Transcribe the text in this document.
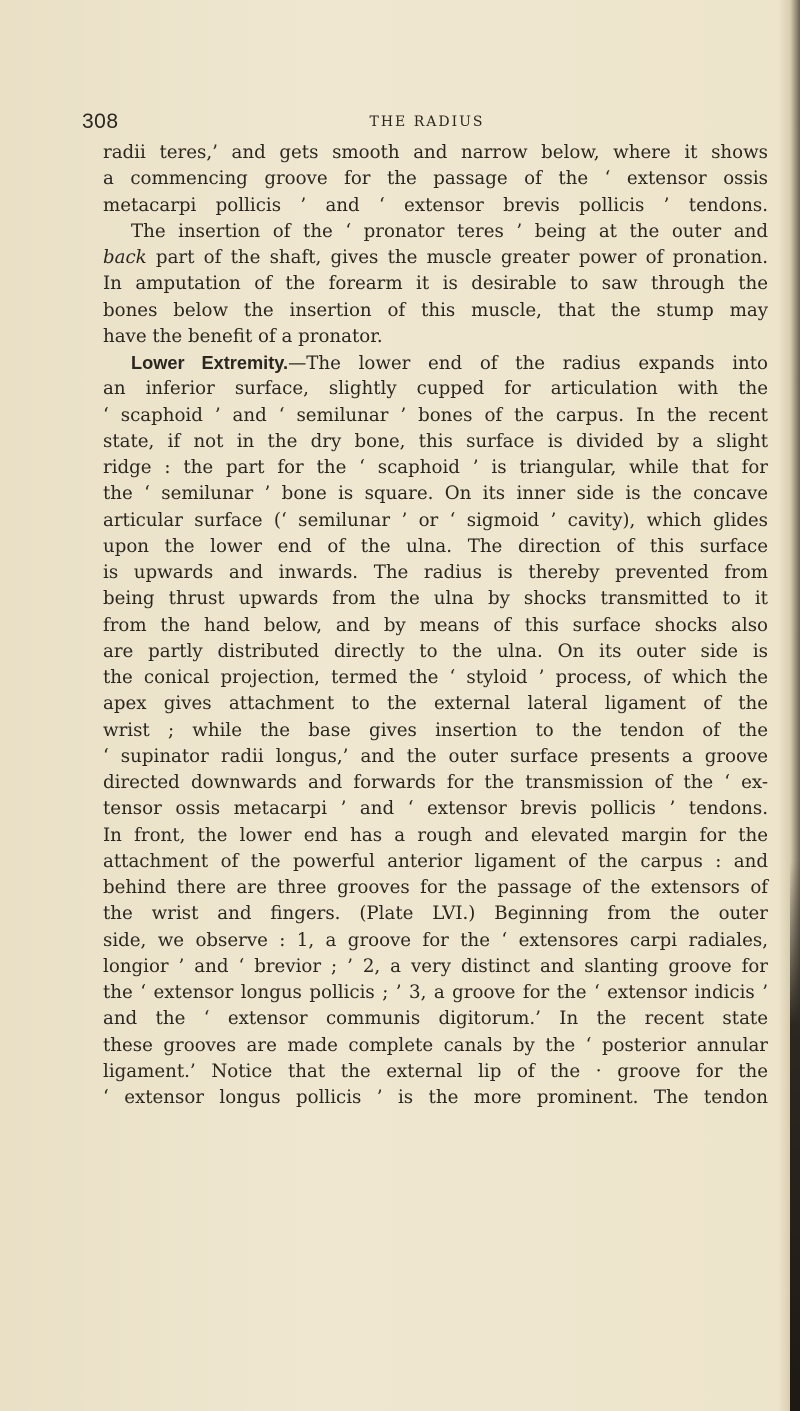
308	THE RADIUS
radii teres,’ and gets smooth and narrow below, where it shows
a commencing groove for the passage of the ‘ extensor ossis
metacarpi pollicis ’ and ‘ extensor brevis pollicis ’ tendons.
The insertion of the ‘ pronator teres ’ being at the outer and
back part of the shaft, gives the muscle greater power of pronation.
In amputation of the forearm it is desirable to saw through the
bones below the insertion of this muscle, that the stump may
have the benefit of a pronator.
Lower Extremity.—The lower end of the radius expands into
an inferior surface, slightly cupped for articulation with the
‘ scaphoid ’ and ‘ semilunar ’ bones of the carpus. In the recent
state, if not in the dry bone, this surface is divided by a slight
ridge : the part for the ‘ scaphoid ’ is triangular, while that for
the ‘ semilunar ’ bone is square. On its inner side is the concave
articular surface (‘ semilunar ’ or ‘ sigmoid ’ cavity), which glides
upon the lower end of the ulna. The direction of this surface
is upwards and inwards. The radius is thereby prevented from
being thrust upwards from the ulna by shocks transmitted to it
from the hand below, and by means of this surface shocks also
are partly distributed directly to the ulna. On its outer side is
the conical projection, termed the ‘ styloid ’ process, of which the
apex gives attachment to the external lateral ligament of the
wrist ; while the base gives insertion to the tendon of the
‘ supinator radii longus,’ and the outer surface presents a groove
directed downwards and forwards for the transmission of the ‘ ex-
tensor ossis metacarpi ’ and ‘ extensor brevis pollicis ’ tendons.
In front, the lower end has a rough and elevated margin for the
attachment of the powerful anterior ligament of the carpus : and
behind there are three grooves for the passage of the extensors of
the wrist and fingers. (Plate LVI.) Beginning from the outer
side, we observe : 1, a groove for the ‘ extensores carpi radiales,
longior ’ and ‘ brevior ; ’ 2, a very distinct and slanting groove for
the ‘ extensor longus pollicis ; ’ 3, a groove for the ‘ extensor indicis ’
and the ‘ extensor communis digitorum.’ In the recent state
these grooves are made complete canals by the ‘ posterior annular
ligament.’ Notice that the external lip of the · groove for the
‘ extensor longus pollicis ’ is the more prominent. The tendon
